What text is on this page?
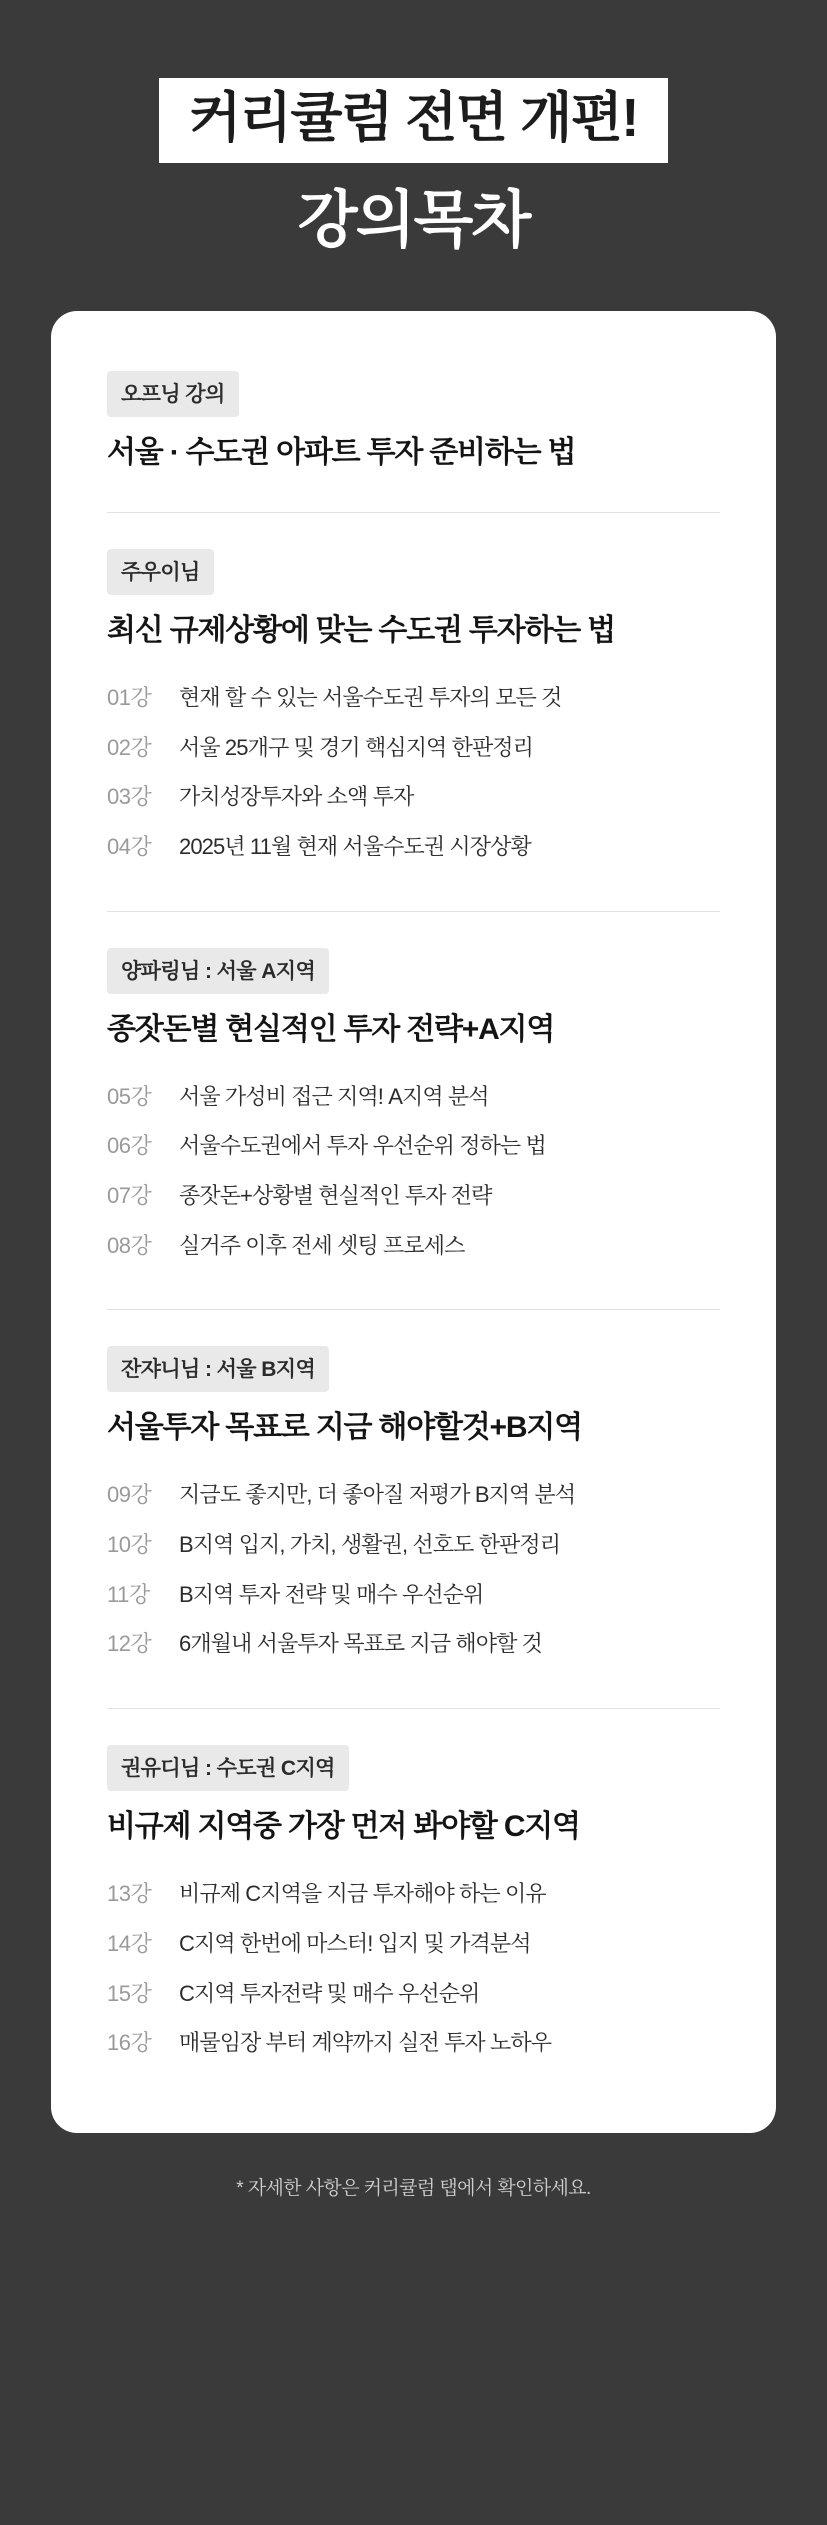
커리큘럼 전면 개편!
강의목차
오프닝 강의
서울 · 수도권 아파트 투자 준비하는 법
주우이님
최신 규제상황에 맞는 수도권 투자하는 법
01강	현재 할 수 있는 서울수도권 투자의 모든 것
02강	서울 25개구 및 경기 핵심지역 한판정리
03강	가치성장투자와 소액 투자
04강	2025년 11월 현재 서울수도권 시장상황
양파링님 : 서울 A지역
종잣돈별 현실적인 투자 전략+A지역
05강	서울 가성비 접근 지역! A지역 분석
06강	서울수도권에서 투자 우선순위 정하는 법
07강	종잣돈+상황별 현실적인 투자 전략
08강	실거주 이후 전세 셋팅 프로세스
잔쟈니님 : 서울 B지역
서울투자 목표로 지금 해야할것+B지역
09강	지금도 좋지만, 더 좋아질 저평가 B지역 분석
10강	B지역 입지, 가치, 생활권, 선호도 한판정리
11강	B지역 투자 전략 및 매수 우선순위
12강	6개월내 서울투자 목표로 지금 해야할 것
권유디님 : 수도권 C지역
비규제 지역중 가장 먼저 봐야할 C지역
13강	비규제 C지역을 지금 투자해야 하는 이유
14강	C지역 한번에 마스터! 입지 및 가격분석
15강	C지역 투자전략 및 매수 우선순위
16강	매물임장 부터 계약까지 실전 투자 노하우
* 자세한 사항은 커리큘럼 탭에서 확인하세요.
